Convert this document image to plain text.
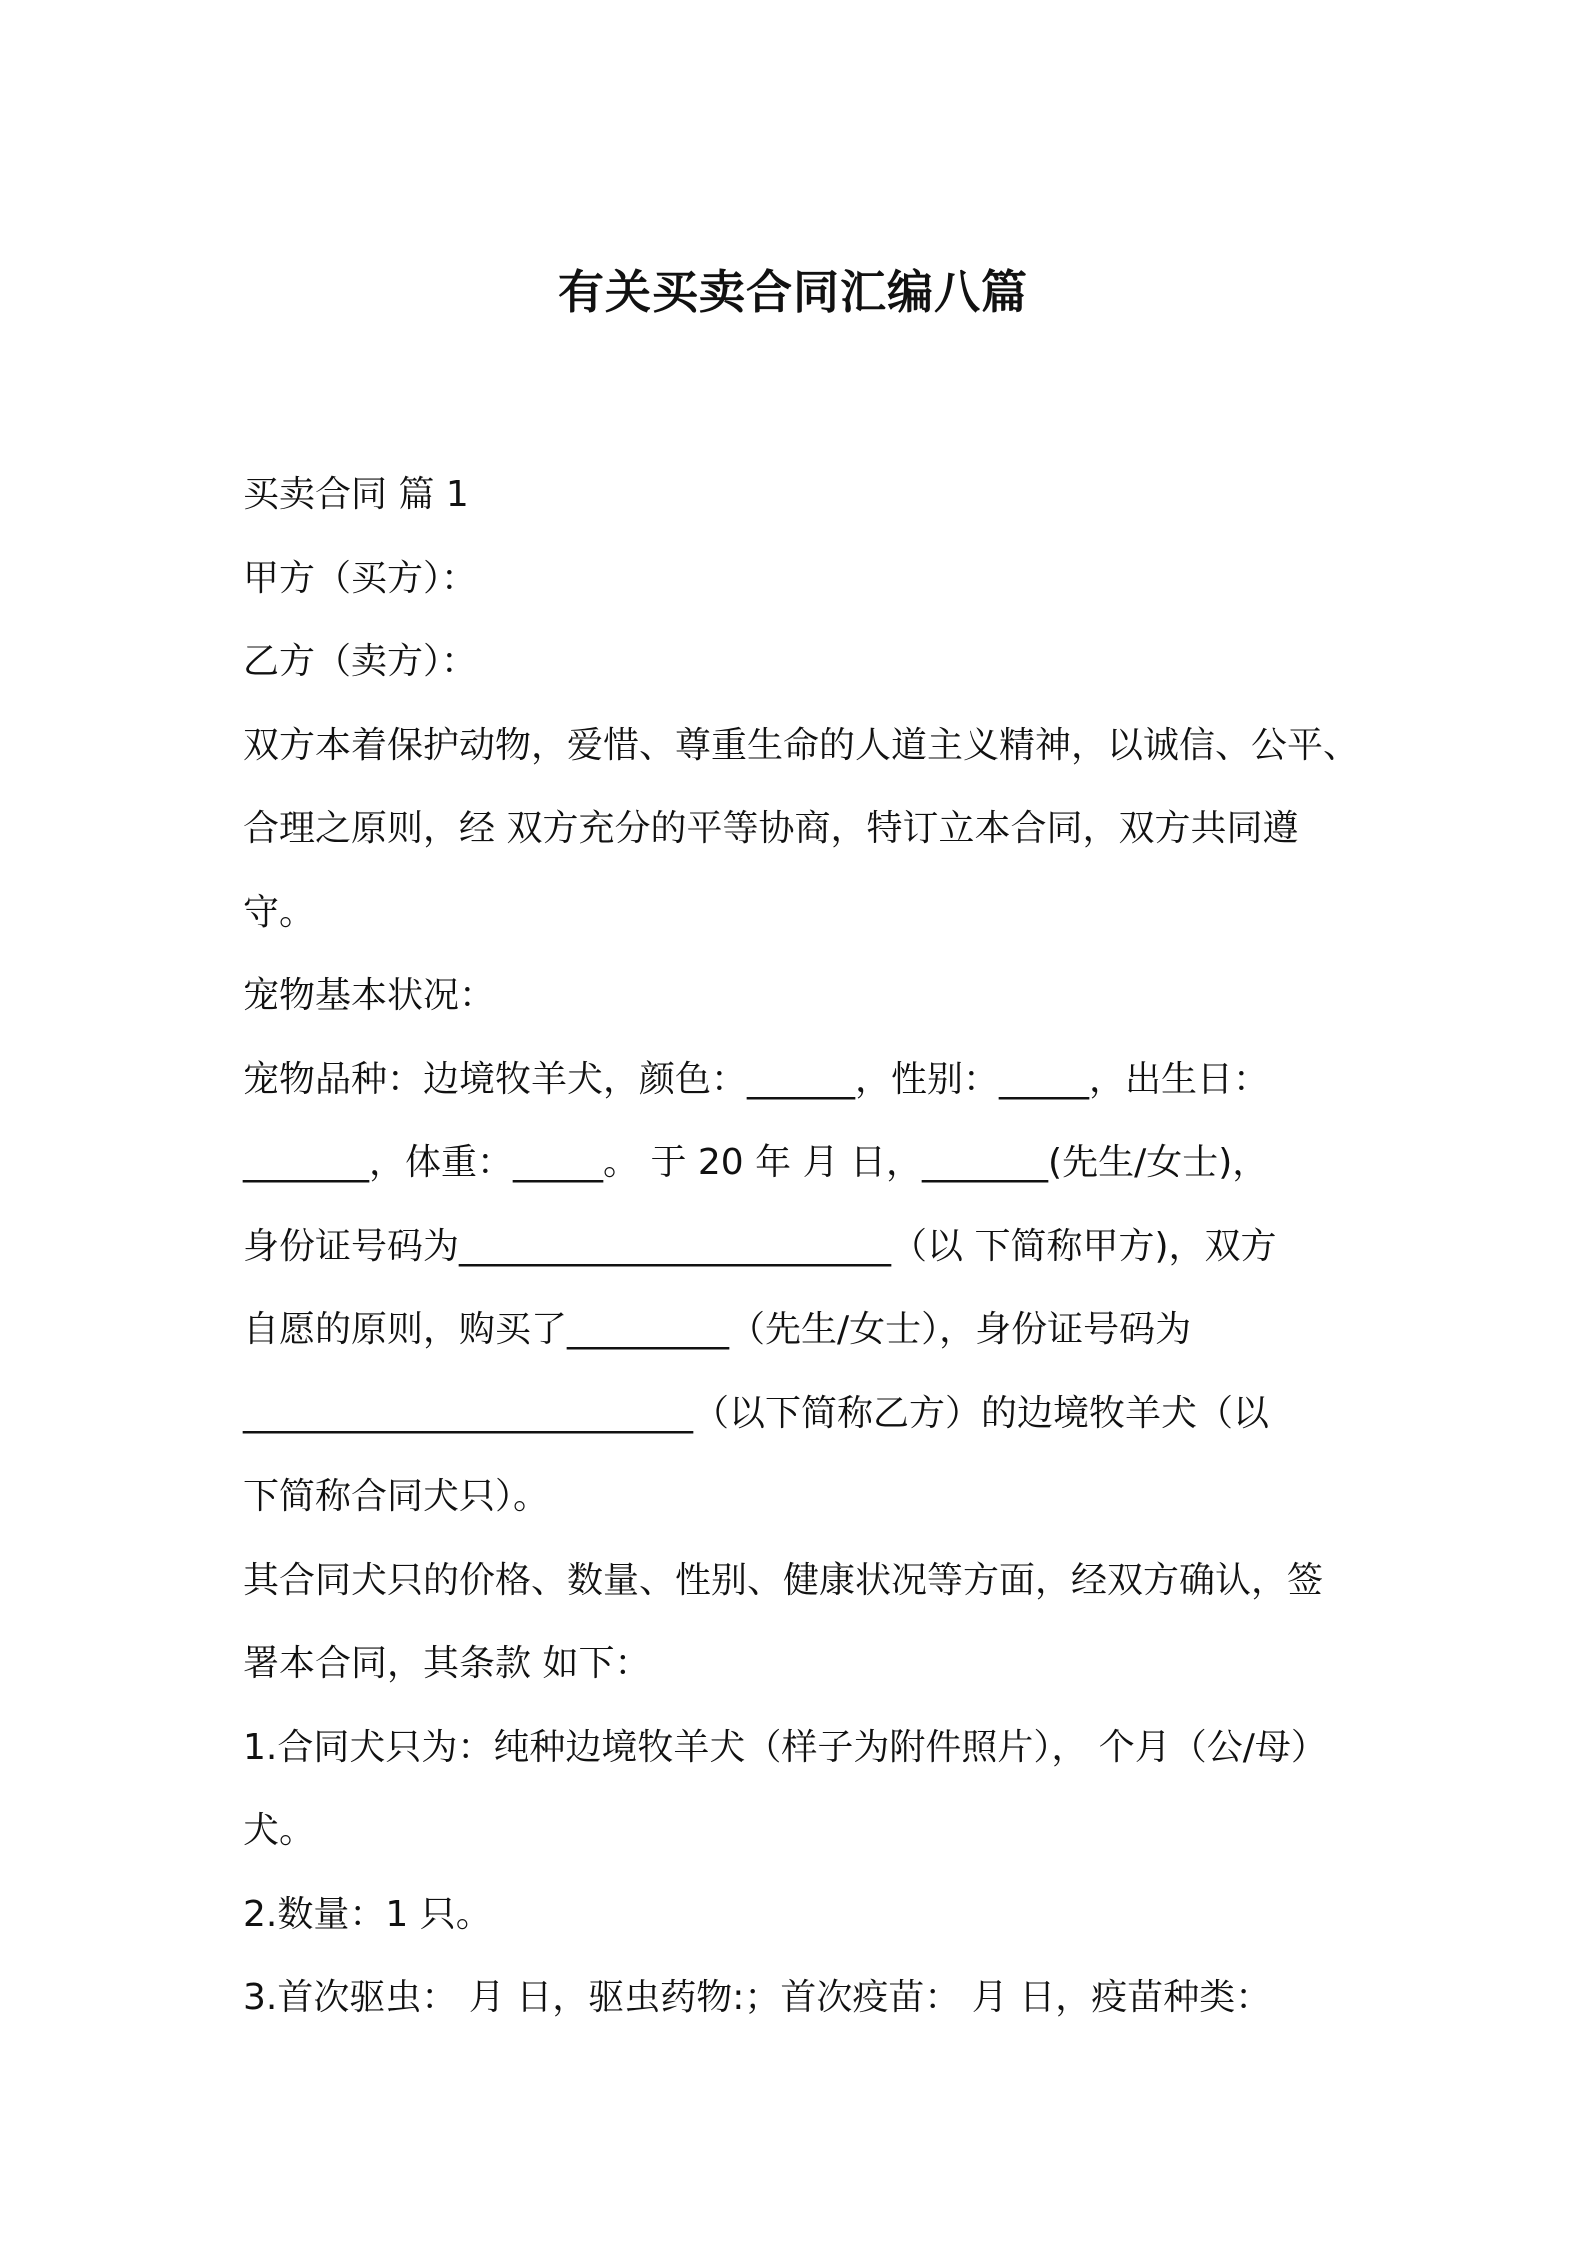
有关买卖合同汇编八篇

买卖合同 篇 1

甲方（买方）：

乙方（卖方）：

双方本着保护动物，爱惜、尊重生命的人道主义精神，以诚信、公平、

合理之原则，经 双方充分的平等协商，特订立本合同，双方共同遵

守。

宠物基本状况：

宠物品种：边境牧羊犬，颜色：______，性别：_____，出生日：

_______，体重：_____。 于 20 年 月 日，_______(先生/女士)，

身份证号码为________________________（以 下简称甲方)，双方

自愿的原则，购买了_________（先生/女士），身份证号码为

_________________________（以下简称乙方）的边境牧羊犬（以

下简称合同犬只）。

其合同犬只的价格、数量、性别、健康状况等方面，经双方确认，签

署本合同，其条款 如下：

1.合同犬只为：纯种边境牧羊犬（样子为附件照片）， 个月（公/母）

犬。

2.数量：1 只。

3.首次驱虫： 月 日，驱虫药物:；首次疫苗： 月 日，疫苗种类：
